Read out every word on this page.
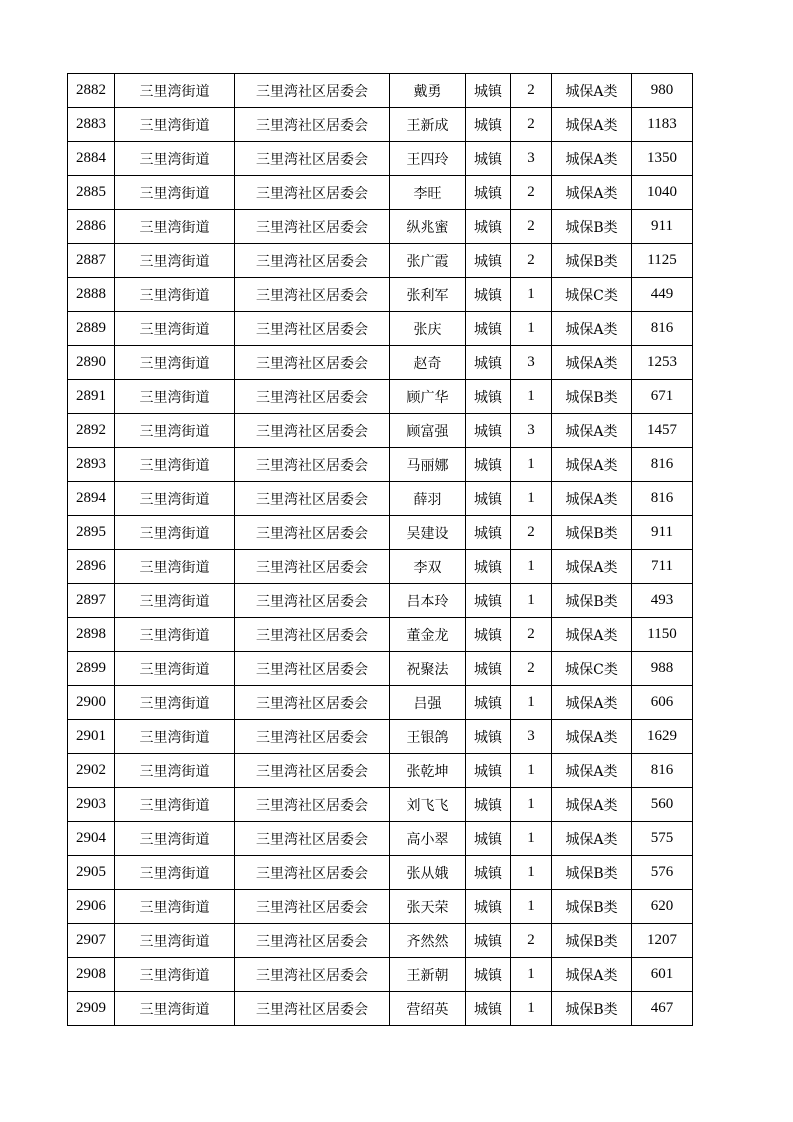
2882	三里湾街道	三里湾社区居委会	戴勇	城镇	2	城保A类	980
2883	三里湾街道	三里湾社区居委会	王新成	城镇	2	城保A类	1183
2884	三里湾街道	三里湾社区居委会	王四玲	城镇	3	城保A类	1350
2885	三里湾街道	三里湾社区居委会	李旺	城镇	2	城保A类	1040
2886	三里湾街道	三里湾社区居委会	纵兆蜜	城镇	2	城保B类	911
2887	三里湾街道	三里湾社区居委会	张广霞	城镇	2	城保B类	1125
2888	三里湾街道	三里湾社区居委会	张利军	城镇	1	城保C类	449
2889	三里湾街道	三里湾社区居委会	张庆	城镇	1	城保A类	816
2890	三里湾街道	三里湾社区居委会	赵奇	城镇	3	城保A类	1253
2891	三里湾街道	三里湾社区居委会	顾广华	城镇	1	城保B类	671
2892	三里湾街道	三里湾社区居委会	顾富强	城镇	3	城保A类	1457
2893	三里湾街道	三里湾社区居委会	马丽娜	城镇	1	城保A类	816
2894	三里湾街道	三里湾社区居委会	薛羽	城镇	1	城保A类	816
2895	三里湾街道	三里湾社区居委会	吴建设	城镇	2	城保B类	911
2896	三里湾街道	三里湾社区居委会	李双	城镇	1	城保A类	711
2897	三里湾街道	三里湾社区居委会	吕本玲	城镇	1	城保B类	493
2898	三里湾街道	三里湾社区居委会	董金龙	城镇	2	城保A类	1150
2899	三里湾街道	三里湾社区居委会	祝聚法	城镇	2	城保C类	988
2900	三里湾街道	三里湾社区居委会	吕强	城镇	1	城保A类	606
2901	三里湾街道	三里湾社区居委会	王银鸽	城镇	3	城保A类	1629
2902	三里湾街道	三里湾社区居委会	张乾坤	城镇	1	城保A类	816
2903	三里湾街道	三里湾社区居委会	刘飞飞	城镇	1	城保A类	560
2904	三里湾街道	三里湾社区居委会	高小翠	城镇	1	城保A类	575
2905	三里湾街道	三里湾社区居委会	张从娥	城镇	1	城保B类	576
2906	三里湾街道	三里湾社区居委会	张天荣	城镇	1	城保B类	620
2907	三里湾街道	三里湾社区居委会	齐然然	城镇	2	城保B类	1207
2908	三里湾街道	三里湾社区居委会	王新朝	城镇	1	城保A类	601
2909	三里湾街道	三里湾社区居委会	营绍英	城镇	1	城保B类	467
